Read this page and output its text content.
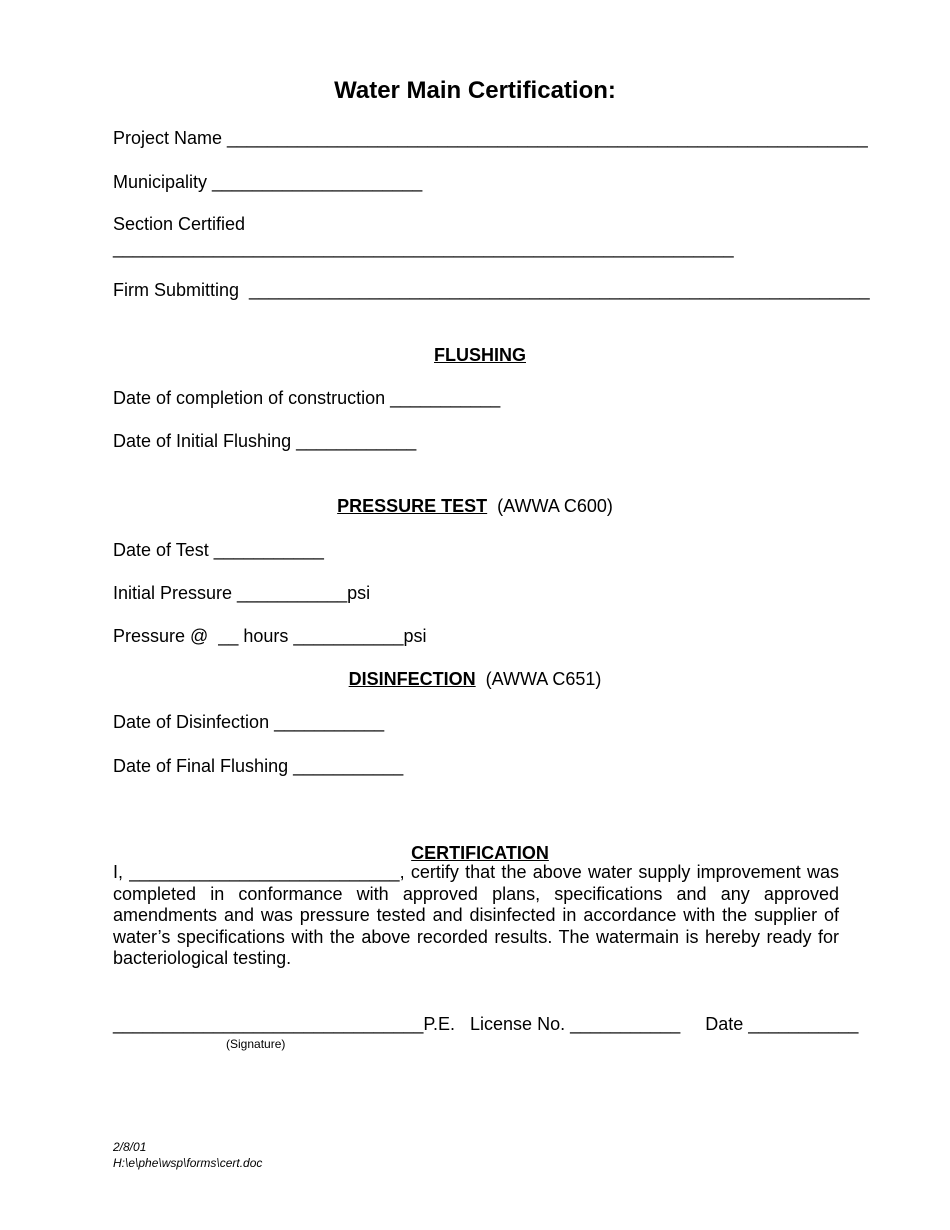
Water Main Certification:
Project Name ________________________________________________________________
Municipality _____________________
Section Certified
______________________________________________________________
Firm Submitting  ______________________________________________________________

FLUSHING

Date of completion of construction ___________
Date of Initial Flushing ____________
PRESSURE TEST  (AWWA C600)
Date of Test ___________
Initial Pressure ___________psi
Pressure @  __ hours ___________psi
DISINFECTION  (AWWA C651)
Date of Disinfection ___________
Date of Final Flushing ___________

CERTIFICATION

I, ___________________________, certify that the above water supply improvement was completed in conformance with approved plans, specifications and any approved amendments and was pressure tested and disinfected in accordance with the supplier of water’s specifications with the above recorded results. The watermain is hereby ready for bacteriological testing.
_______________________________P.E.   License No. ___________     Date ___________
(Signature)
2/8/01
H:\e\phe\wsp\forms\cert.doc
